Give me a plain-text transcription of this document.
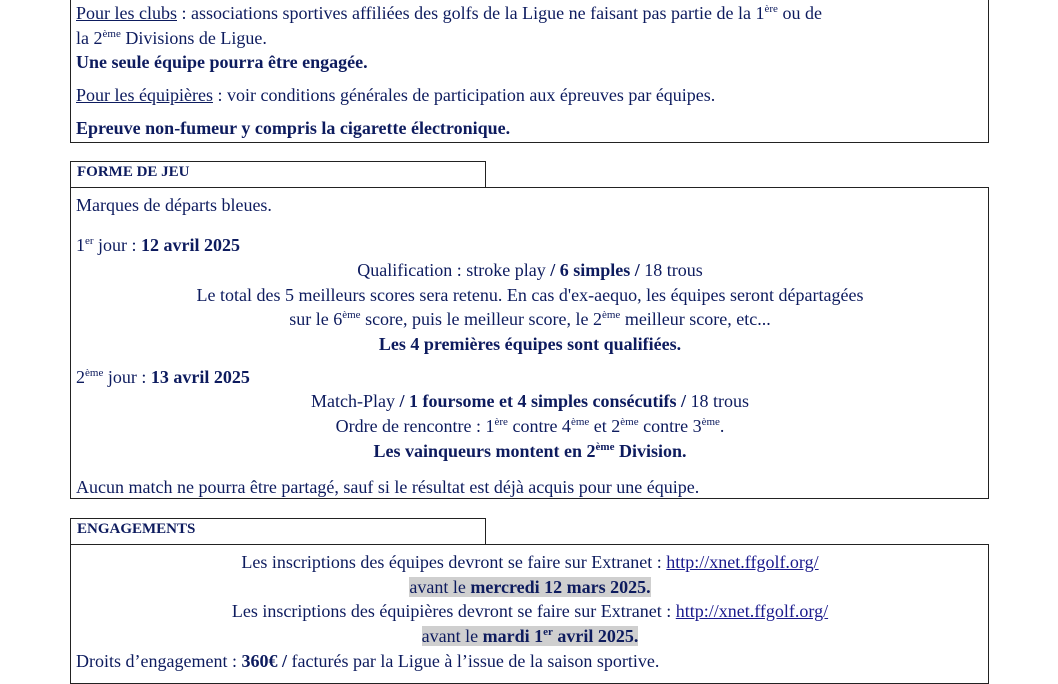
Pour les clubs : associations sportives affiliées des golfs de la Ligue ne faisant pas partie de la 1ère ou de
la 2ème Divisions de Ligue.
Une seule équipe pourra être engagée.
Pour les équipières : voir conditions générales de participation aux épreuves par équipes.
Epreuve non-fumeur y compris la cigarette électronique.
FORME DE JEU
Marques de départs bleues.
1er jour : 12 avril 2025
Qualification : stroke play / 6 simples / 18 trous
Le total des 5 meilleurs scores sera retenu. En cas d'ex-aequo, les équipes seront départagées
sur le 6ème score, puis le meilleur score, le 2ème meilleur score, etc...
Les 4 premières équipes sont qualifiées.
2ème jour : 13 avril 2025
Match-Play / 1 foursome et 4 simples consécutifs / 18 trous
Ordre de rencontre : 1ère contre 4ème et 2ème contre 3ème.
Les vainqueurs montent en 2ème Division.
Aucun match ne pourra être partagé, sauf si le résultat est déjà acquis pour une équipe.
ENGAGEMENTS
Les inscriptions des équipes devront se faire sur Extranet : http://xnet.ffgolf.org/
avant le mercredi 12 mars 2025.
Les inscriptions des équipières devront se faire sur Extranet : http://xnet.ffgolf.org/
avant le mardi 1er avril 2025.
Droits d’engagement : 360€ / facturés par la Ligue à l’issue de la saison sportive.
